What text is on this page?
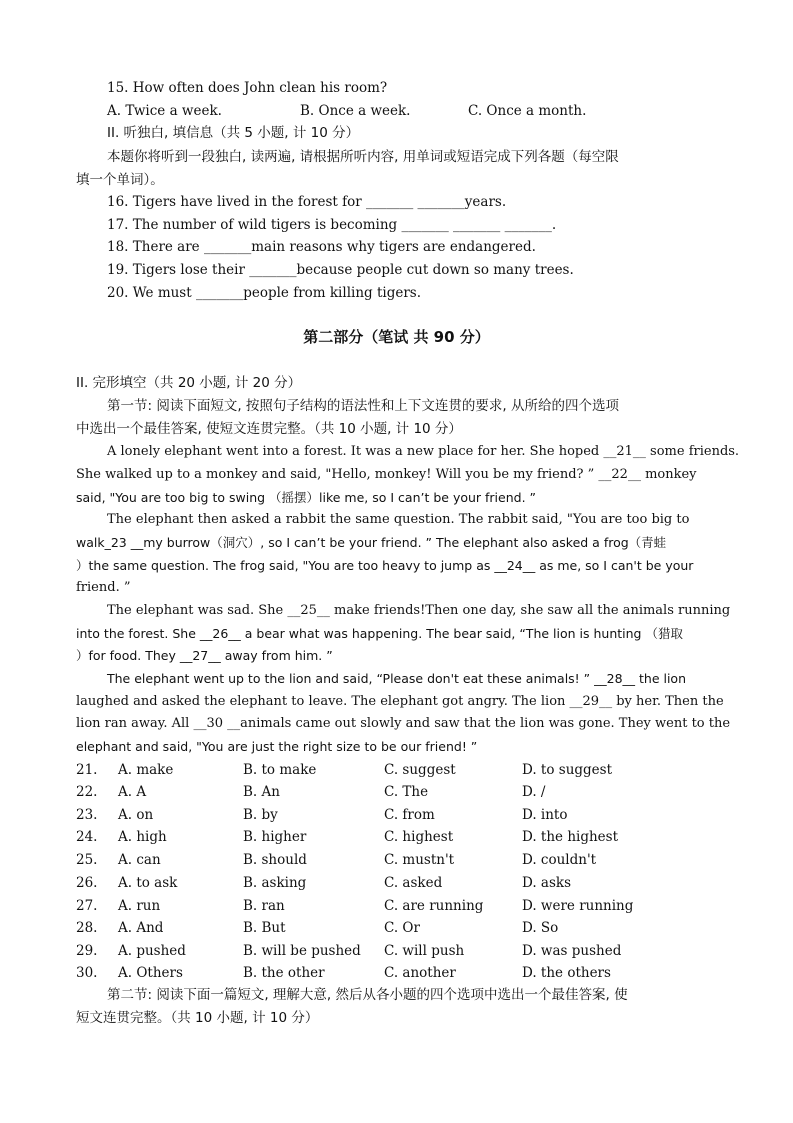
15. How often does John clean his room?
A. Twice a week.	B. Once a week.	C. Once a month.
II. 听独白, 填信息（共 5 小题, 计 10 分）
本题你将听到一段独白, 读两遍, 请根据所听内容, 用单词或短语完成下列各题（每空限
填一个单词）。
16. Tigers have lived in the forest for _______ _______years.
17. The number of wild tigers is becoming _______ _______ _______.
18. There are _______main reasons why tigers are endangered.
19. Tigers lose their _______because people cut down so many trees.
20. We must _______people from killing tigers.
第二部分（笔试 共 90 分）
II. 完形填空（共 20 小题, 计 20 分）
第一节: 阅读下面短文, 按照句子结构的语法性和上下文连贯的要求, 从所给的四个选项
中选出一个最佳答案, 使短文连贯完整。（共 10 小题, 计 10 分）
A lonely elephant went into a forest. It was a new place for her. She hoped __21__ some friends.
She walked up to a monkey and said, "Hello, monkey! Will you be my friend? ” __22__ monkey
said, "You are too big to swing （摇摆）like me, so I can’t be your friend. ”
The elephant then asked a rabbit the same question. The rabbit said, "You are too big to
walk_23 __my burrow（洞穴）, so I can’t be your friend. ” The elephant also asked a frog（青蛙
）the same question. The frog said, "You are too heavy to jump as __24__ as me, so I can't be your
friend. ”
The elephant was sad. She __25__ make friends!Then one day, she saw all the animals running
into the forest. She __26__ a bear what was happening. The bear said, “The lion is hunting （猎取
）for food. They __27__ away from him. ”
The elephant went up to the lion and said, “Please don't eat these animals! ” __28__ the lion
laughed and asked the elephant to leave. The elephant got angry. The lion __29__ by her. Then the
lion ran away. All __30 __animals came out slowly and saw that the lion was gone. They went to the
elephant and said, "You are just the right size to be our friend! ”
21. A. make	B. to make	C. suggest	D. to suggest
22. A. A	B. An	C. The	D. /
23. A. on	B. by	C. from	D. into
24. A. high	B. higher	C. highest	D. the highest
25. A. can	B. should	C. mustn't	D. couldn't
26. A. to ask	B. asking	C. asked	D. asks
27. A. run	B. ran	C. are running	D. were running
28. A. And	B. But	C. Or	D. So
29. A. pushed	B. will be pushed C. will push	D. was pushed
30. A. Others	B. the other	C. another	D. the others
第二节: 阅读下面一篇短文, 理解大意, 然后从各小题的四个选项中选出一个最佳答案, 使
短文连贯完整。（共 10 小题, 计 10 分）
